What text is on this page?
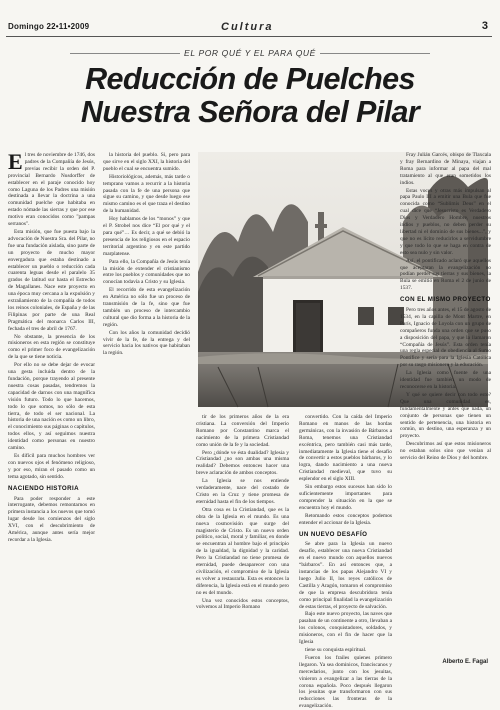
Domingo 22•11•2009	Cultura	3
EL POR QUÉ Y EL PARA QUÉ
Reducción de Puelches
Nuestra Señora del Pilar
E l tres de noviembre de 1746, dos padres de la Compañía de Jesús, previas recibir la orden del P. provincial Bernardo Nusdorffer de establecer en el paraje conocido hoy como Laguna de los Padres una misión destinada a llevar la doctrina a una comunidad puelche que habitaba en estado nómade las sierras y que por ese motivo eran conocidos como "pampas serranos".

Esta misión, que fue puesta bajo la advocación de Nuestra Sra. del Pilar, no fue una fundación aislada, sino parte de un proyecto de mucho mayor envergadura que estaba destinado a establecer un pueblo o reducción cada cuarenta leguas desde el paralelo 35 grados de latitud sur hasta el Estrecho de Magallanes. Nace este proyecto en una época muy cercana a la expulsión y extrañamiento de la compañía de todos los reinos coloniales, de España y de las Filipinas por parte de una Real Pragmática del monarca Carlos III, fechada el tres de abril de 1767.

No obstante, la presencia de los misioneros en esta región se constituye como el primer foco de evangelización de la que se tiene noticia.

Por ello no se debe dejar de evocar una gesta incluida dentro de la fundación, porque trayendo al presente nuestra cosas pasadas, tendremos la capacidad de darnos con una magnífica visión futuro. Todo lo que hacemos, todo lo que somos, no sólo de esta tierra, de todo el ser nacional. La historia de una nación es como un libro, el conocimiento sus páginas o capítulos, todos ellos, y así seguimos nuestra identidad como personas en nuestro camino.

Es difícil para muchos hombres ver con nuevos ojos el fenómeno religioso, y por eso, miran el pasado como un tema agotado, sin sentido.

NACIENDO HISTORIA

Para poder responder a este interrogante, debemos remontarnos en primera instancia a los nuevos que tomó lugar desde los comienzos del siglo XVI, con el descubrimiento de América, aunque antes sería mejor recordar a la Iglesia.

la historia del pueblo. Si, pero para que sirve en el siglo XXI, la historia del pueblo el cual se encuentra sumido.

Historiológicos, además, más tarde o temprano vamos a recurrir a la historia pasada con la fe de una persona que sigue su camino, y que desde luego ese mismo camino es el que traza el destino de la humanidad.

Hoy hablamos de los “monos” y que el P. Strobel nos dice “El por qué y el para qué”… Es decir, a qué se debió la presencia de los religiosos en el espacio territorial argentino y en este partido marplatense.

Para ello, la Compañía de Jesús tenía la misión de extender el cristianismo entre los pueblos y comunidades que no conocían todavía a Cristo y su Iglesia.

El recorrido de esta evangelización en América no sólo fue un proceso de transmisión de la fe, sino que fue también un proceso de intercambio cultural que dio forma a la historia de la región.

Con los años la comunidad decidió vivir de la fe, de la entrega y del servicio hacia los nativos que habitaban la región.

tir de los primeros años de la era cristiana. La conversión del Imperio Romano por Constantino marca el nacimiento de la primera Cristiandad como unión de la fe y la sociedad.

Pero ¿dónde ve ésta dualidad? Iglesia y Cristiandad ¿no son ambas una misma realidad? Debemos entonces hacer una breve aclaración de ambos conceptos.

La Iglesia se nos entiende verdaderamente, nace del costado de Cristo en la Cruz y tiene promesa de eternidad hasta el fin de los tiempos.

Otra cosa es la Cristiandad, que es la obra de la Iglesia en el mundo. Es una nueva cosmovisión que surge del magisterio de Cristo. Es un nuevo orden político, social, moral y familiar, en donde se encuentran al hombre bajo el principio de la igualdad, la dignidad y la caridad. Pero la Cristiandad no tiene promesa de eternidad, puede desaparecer con una civilización, el compromiso de la Iglesia es volver a restaurarla. Esta es entonces la diferencia, la Iglesia está en el mundo pero no es del mundo.

Una vez conocidos estos conceptos, volvemos al Imperio Romano

convertido. Con la caída del Imperio Romano en manos de las hordas germánicas, con la invasión de Bárbaros a Roma, tenemos una Cristiandad excéntrica, pero también casi más tarde, inmediatamente la Iglesia tiene el desafío de convertir a estos pueblos bárbaros, y lo logra, dando nacimiento a una nueva Cristiandad medieval, que tuvo su esplendor en el siglo XIII.

Sin embargo estos sucesos han sido lo suficientemente importantes para comprender la situación en la que se encuentra hoy el mundo.

Retomando estos conceptos podemos entender el accionar de la Iglesia.

UN NUEVO DESAFÍO

Se abre para la Iglesia un nuevo desafío, establecer una nueva Cristiandad en el nuevo mundo con aquellos nuevos “bárbaros”. En así entonces que, a instancias de los papas Alejandro VI y luego Julio II, los reyes católicos de Castilla y Aragón, tomaron el compromiso de que la empresa descubridora tenía como principal finalidad la evangelización de estas tierras, el proyecto de salvación.

Bajo este nuevo proyecto, las naves que pasaban de un continente a otro, llevaban a los colonos, conquistadores, soldados, y misioneros, con el fin de hacer que la Iglesia

tiene su conquista espiritual.

Fueron los frailes quienes primero llegaron. Ya sea dominicos, franciscanos y mercedarios, junto con los jesuitas, vinieron a evangelizar a las tierras de la corona española. Poco después llegaron los jesuitas que transformaron con sus reducciones las fronteras de la evangelización.

Fray Julián Garcés, obispo de Tlaxcala y fray Bernardino de Minaya, viajan a Roma para informar al papa del mal tratamiento al que eran sometidos los indios.

Estas voces y otras más impulsan al papa Paulo III a emitir una Bula que fue conocida como “Sublimis Deus” en el cual dice que “Jesucristo es Verdadero Dios y Verdadero Hombre, nuestros indios y pueblos, no deben perder su libertad ni el dominio de sus bienes...”, y que no es lícito reducirlos a servidumbre y que todo lo que se haga en contra de esto sea nulo y sin valor.

Así, el pontificado aclaró que aquellos que aceptaran la evangelización no podían perder sus tierras y sus bienes, la Bula se emitió en Roma el 2 de junio de 1537.

CON EL MISMO PROYECTO

Pero tres años antes, el 15 de agosto de 1534, en la capilla de Mont Martre, en París, Ignacio de Loyola con un grupo de compañeros funda una orden que se puso a disposición del papa, y que la llamaron “Compañía de Jesús”. Esta orden tenía una regla especial de obediencia al Sumo Pontífice y sería para la Iglesia Católica por su rasgo misionero y la educación.

La Iglesia como fuente de una identidad fue también un modo de reconocerse en la historia.

Y qué se quiere decir con todo esto? Que una comunidad es, fundamentalmente y antes que nada, un conjunto de personas que tienen un sentido de pertenencia, una historia en común, un destino, una esperanza y un proyecto.

Descubrimos así que estos misioneros no estaban solos sino que venían al servicio del Reino de Dios y del hombre.

Alberto E. Fagal
